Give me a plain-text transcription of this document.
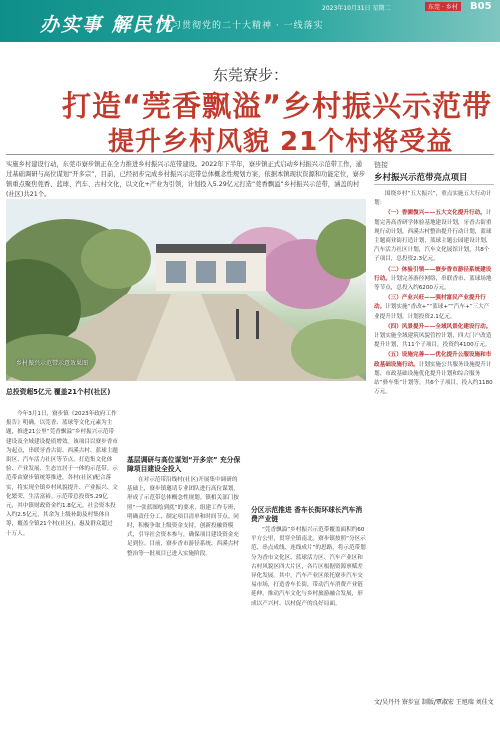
办实事 解民忧
学习贯彻党的二十大精神 · 一线落实
2023年10月31日 星期二	东莞 · 乡村	B05
东莞寮步：
打造“莞香飘溢”乡村振兴示范带
提升乡村风貌 21个村将受益
实施乡村建设行动，东莞市寮步镇正在全力推进乡村振兴示范带建设。2022年下半年，寮步镇正式启动乡村振兴示范带工作，通过基础调研与高位谋划“开多宗”，目前，已经初步完成乡村振兴示范带总体概念性规划方案，依据本镇现状资源和功能定位，寮步镇重点聚焦莞香、蓝球、汽车、古村文化，以文化+产业为引领，计划投入5.29亿元打造“莞香飘溢”乡村振兴示范带，涵盖的村(社区)共21个。
乡村振兴示范带示意效果图
链接
乡村振兴示范带亮点项目

围绕乡村“五大振兴”，重点实施五大行动计划：

（一）香園復兴——五大文化提升行动。计划完善高香研学体验基地建设计划，牙香古街重现行动计划，西溪古村整治提升行动计划，蓝球主题商业街打造计划，蓝球主题公园建设计划，汽车活力社区计划，汽车文化展馆计划，共8个子项目，总投资2.3亿元。

（二）体验引领——寮步香市游径系统建设行动。计划完善游径网络，串联香市、蓝球场地等节点，总投入约6200万元。

（三）产业兴旺——强村富民产业提升行动。计划实施“香改+”“蓝球+”“汽车+”三大产业提升计划，计划投资2.1亿元。

（四）风景提升——全域风景化建设行动。计划实施全域建筑风貌管控计划，四大门户改造提升计划，共11个子项目，投资约4100万元。

（五）设施完善——优化提升公服设施和市政基础设施行动。计划实施公共服务设施提升计划、市政基础设施优化提升计划和综合服务站“驿车集”计划等，共6个子项目，投入约1180万元。

文/吴丹丹 寮步宣 制版/覃淑宏 王旭瑞 刘佳文
总投资超5亿元 覆盖21个村(社区)

今年3月1日，寮步镇《2023年政府工作报告》明确，以莞香、蓝球等文化元素为主题，推进21公里“莞香飘溢”乡村振兴示范带建设及全域建设提质增效。该项目以寮步香市为起点，串联牙香古街、西溪古村、蓝球主题街区、汽车活力社区等节点，打造集文化体验、产业发展、生态宜居于一体的示范带。示范带由寮步镇统筹推进，各村(社区)配合落实，将实现全镇乡村风貌提升、产业振兴、文化繁荣、生活富裕。示范带总投资5.29亿元，其中镇财政资金约1.8亿元，社会资本投入约2.5亿元，其余为上级补助及村集体自筹，覆盖全镇21个村(社区)，惠及群众超过十万人。

基层调研与高位谋划“开多宗” 充分保障项目建设全投入

在对示范带沿线村(社区)开展集中调研的基础上，寮步镇邀请专业团队进行高位谋划，形成了示范带总体概念性规划。镇相关部门按照“一张蓝图绘到底”的要求，组建工作专班，明确责任分工，制定项目清单和时间节点。同时，积极争取上级资金支持，创新投融资模式，引导社会资本参与，确保项目建设资金充足到位。目前，寮步香市游径系统、西溪古村整治等一批项目已进入实施阶段。

分区示范推进 香车长街环球长汽车消费产业链

“莞香飘溢”乡村振兴示范带覆盖面积约60平方公里，贯穿全镇南北。寮步镇按照“分区示范、串点成线、连线成片”的思路，将示范带划分为香市文化区、蓝球活力区、汽车产业区和古村风貌区四大片区，各片区根据资源禀赋差异化发展。其中，汽车产业区依托寮步汽车交易市场，打造香车长街，带动汽车消费产业链延伸，推动汽车文化与乡村旅游融合发展，形成以产兴村、以村促产的良好局面。
